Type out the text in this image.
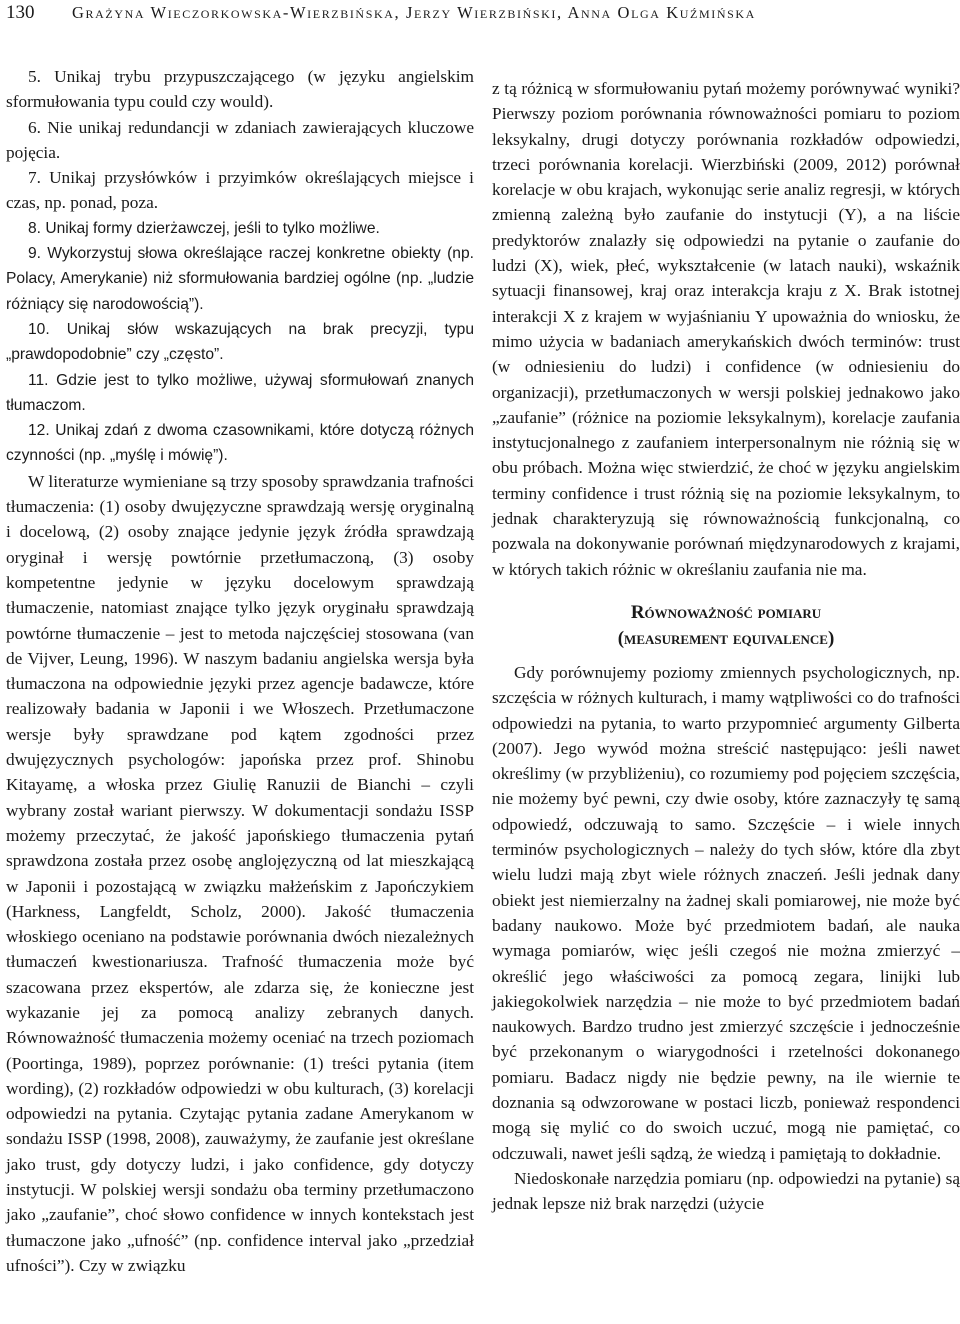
130 Grażyna Wieczorkowska-Wierzbińska, Jerzy Wierzbiński, Anna Olga Kuźmińska

5. Unikaj trybu przypuszczającego (w języku angielskim sformułowania typu could czy would).

6. Nie unikaj redundancji w zdaniach zawierających kluczowe pojęcia.

7. Unikaj przysłówków i przyimków określających miejsce i czas, np. ponad, poza.

8. Unikaj formy dzierżawczej, jeśli to tylko możliwe.

9. Wykorzystuj słowa określające raczej konkretne obiekty (np. Polacy, Amerykanie) niż sformułowania bardziej ogólne (np. „ludzie różniący się narodowością”).

10. Unikaj słów wskazujących na brak precyzji, typu „prawdopodobnie” czy „często”.

11. Gdzie jest to tylko możliwe, używaj sformułowań znanych tłumaczom.

12. Unikaj zdań z dwoma czasownikami, które dotyczą różnych czynności (np. „myślę i mówię”).

W literaturze wymieniane są trzy sposoby sprawdzania trafności tłumaczenia: (1) osoby dwujęzyczne sprawdzają wersję oryginalną i docelową, (2) osoby znające jedynie język źródła sprawdzają oryginał i wersję powtórnie przetłumaczoną, (3) osoby kompetentne jedynie w języku docelowym sprawdzają tłumaczenie, natomiast znające tylko język oryginału sprawdzają powtórne tłumaczenie – jest to metoda najczęściej stosowana (van de Vijver, Leung, 1996). W naszym badaniu angielska wersja była tłumaczona na odpowiednie języki przez agencje badawcze, które realizowały badania w Japonii i we Włoszech. Przetłumaczone wersje były sprawdzane pod kątem zgodności przez dwujęzycznych psychologów: japońska przez prof. Shinobu Kitayamę, a włoska przez Giulię Ranuzii de Bianchi – czyli wybrany został wariant pierwszy. W dokumentacji sondażu ISSP możemy przeczytać, że jakość japońskiego tłumaczenia pytań sprawdzona została przez osobę anglojęzyczną od lat mieszkającą w Japonii i pozostającą w związku małżeńskim z Japończykiem (Harkness, Langfeldt, Scholz, 2000). Jakość tłumaczenia włoskiego oceniano na podstawie porównania dwóch niezależnych tłumaczeń kwestionariusza. Trafność tłumaczenia może być szacowana przez ekspertów, ale zdarza się, że konieczne jest wykazanie jej za pomocą analizy zebranych danych. Równoważność tłumaczenia możemy oceniać na trzech poziomach (Poortinga, 1989), poprzez porównanie: (1) treści pytania (item wording), (2) rozkładów odpowiedzi w obu kulturach, (3) korelacji odpowiedzi na pytania. Czytając pytania zadane Amerykanom w sondażu ISSP (1998, 2008), zauważymy, że zaufanie jest określane jako trust, gdy dotyczy ludzi, i jako confidence, gdy dotyczy instytucji. W polskiej wersji sondażu oba terminy przetłumaczono jako „zaufanie”, choć słowo confidence w innych kontekstach jest tłumaczone jako „ufność” (np. confidence interval jako „przedział ufności”). Czy w związku

z tą różnicą w sformułowaniu pytań możemy porównywać wyniki? Pierwszy poziom porównania równoważności pomiaru to poziom leksykalny, drugi dotyczy porównania rozkładów odpowiedzi, trzeci porównania korelacji. Wierzbiński (2009, 2012) porównał korelacje w obu krajach, wykonując serie analiz regresji, w których zmienną zależną było zaufanie do instytucji (Y), a na liście predyktorów znalazły się odpowiedzi na pytanie o zaufanie do ludzi (X), wiek, płeć, wykształcenie (w latach nauki), wskaźnik sytuacji finansowej, kraj oraz interakcja kraju z X. Brak istotnej interakcji X z krajem w wyjaśnianiu Y upoważnia do wniosku, że mimo użycia w badaniach amerykańskich dwóch terminów: trust (w odniesieniu do ludzi) i confidence (w odniesieniu do organizacji), przetłumaczonych w wersji polskiej jednakowo jako „zaufanie” (różnice na poziomie leksykalnym), korelacje zaufania instytucjonalnego z zaufaniem interpersonalnym nie różnią się w obu próbach. Można więc stwierdzić, że choć w języku angielskim terminy confidence i trust różnią się na poziomie leksykalnym, to jednak charakteryzują się równoważnością funkcjonalną, co pozwala na dokonywanie porównań międzynarodowych z krajami, w których takich różnic w określaniu zaufania nie ma.

Równoważność pomiaru
(measurement equivalence)

Gdy porównujemy poziomy zmiennych psychologicznych, np. szczęścia w różnych kulturach, i mamy wątpliwości co do trafności odpowiedzi na pytania, to warto przypomnieć argumenty Gilberta (2007). Jego wywód można streścić następująco: jeśli nawet określimy (w przybliżeniu), co rozumiemy pod pojęciem szczęścia, nie możemy być pewni, czy dwie osoby, które zaznaczyły tę samą odpowiedź, odczuwają to samo. Szczęście – i wiele innych terminów psychologicznych – należy do tych słów, które dla zbyt wielu ludzi mają zbyt wiele różnych znaczeń. Jeśli jednak dany obiekt jest niemierzalny na żadnej skali pomiarowej, nie może być badany naukowo. Może być przedmiotem badań, ale nauka wymaga pomiarów, więc jeśli czegoś nie można zmierzyć – określić jego właściwości za pomocą zegara, linijki lub jakiegokolwiek narzędzia – nie może to być przedmiotem badań naukowych. Bardzo trudno jest zmierzyć szczęście i jednocześnie być przekonanym o wiarygodności i rzetelności dokonanego pomiaru. Badacz nigdy nie będzie pewny, na ile wiernie te doznania są odwzorowane w postaci liczb, ponieważ respondenci mogą się mylić co do swoich uczuć, mogą nie pamiętać, co odczuwali, nawet jeśli sądzą, że wiedzą i pamiętają to dokładnie.

Niedoskonałe narzędzia pomiaru (np. odpowiedzi na pytanie) są jednak lepsze niż brak narzędzi (użycie
